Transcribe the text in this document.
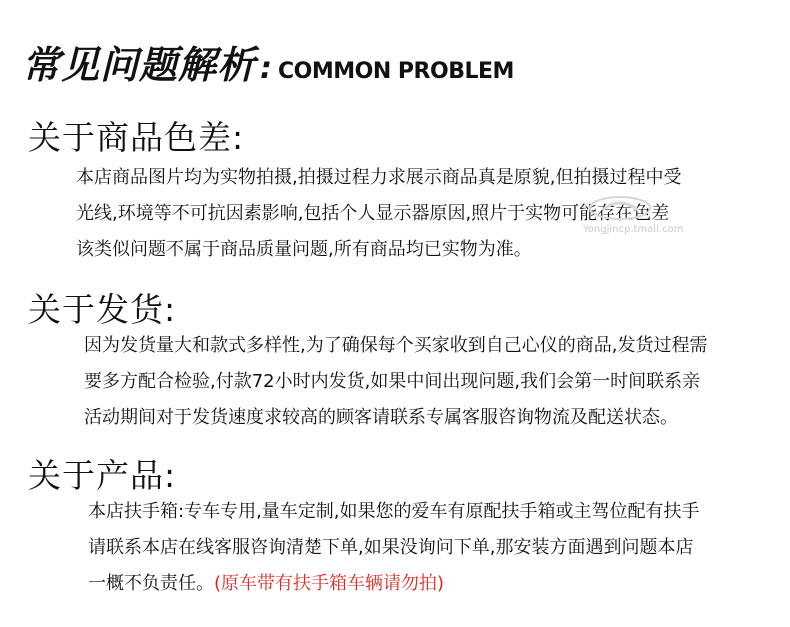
常见问题解析 : COMMON PROBLEM
关于商品色差:
本店商品图片均为实物拍摄,拍摄过程力求展示商品真是原貌,但拍摄过程中受
光线,环境等不可抗因素影响,包括个人显示器原因,照片于实物可能存在色差
该类似问题不属于商品质量问题,所有商品均已实物为准。
关于发货:
因为发货量大和款式多样性,为了确保每个买家收到自己心仪的商品,发货过程需
要多方配合检验,付款72小时内发货,如果中间出现问题,我们会第一时间联系亲
活动期间对于发货速度求较高的顾客请联系专属客服咨询物流及配送状态。
关于产品:
本店扶手箱:专车专用,量车定制,如果您的爱车有原配扶手箱或主驾位配有扶手
请联系本店在线客服咨询清楚下单,如果没询问下单,那安装方面遇到问题本店
一概不负责任。(原车带有扶手箱车辆请勿拍)
Yongjincp.tmall.com
